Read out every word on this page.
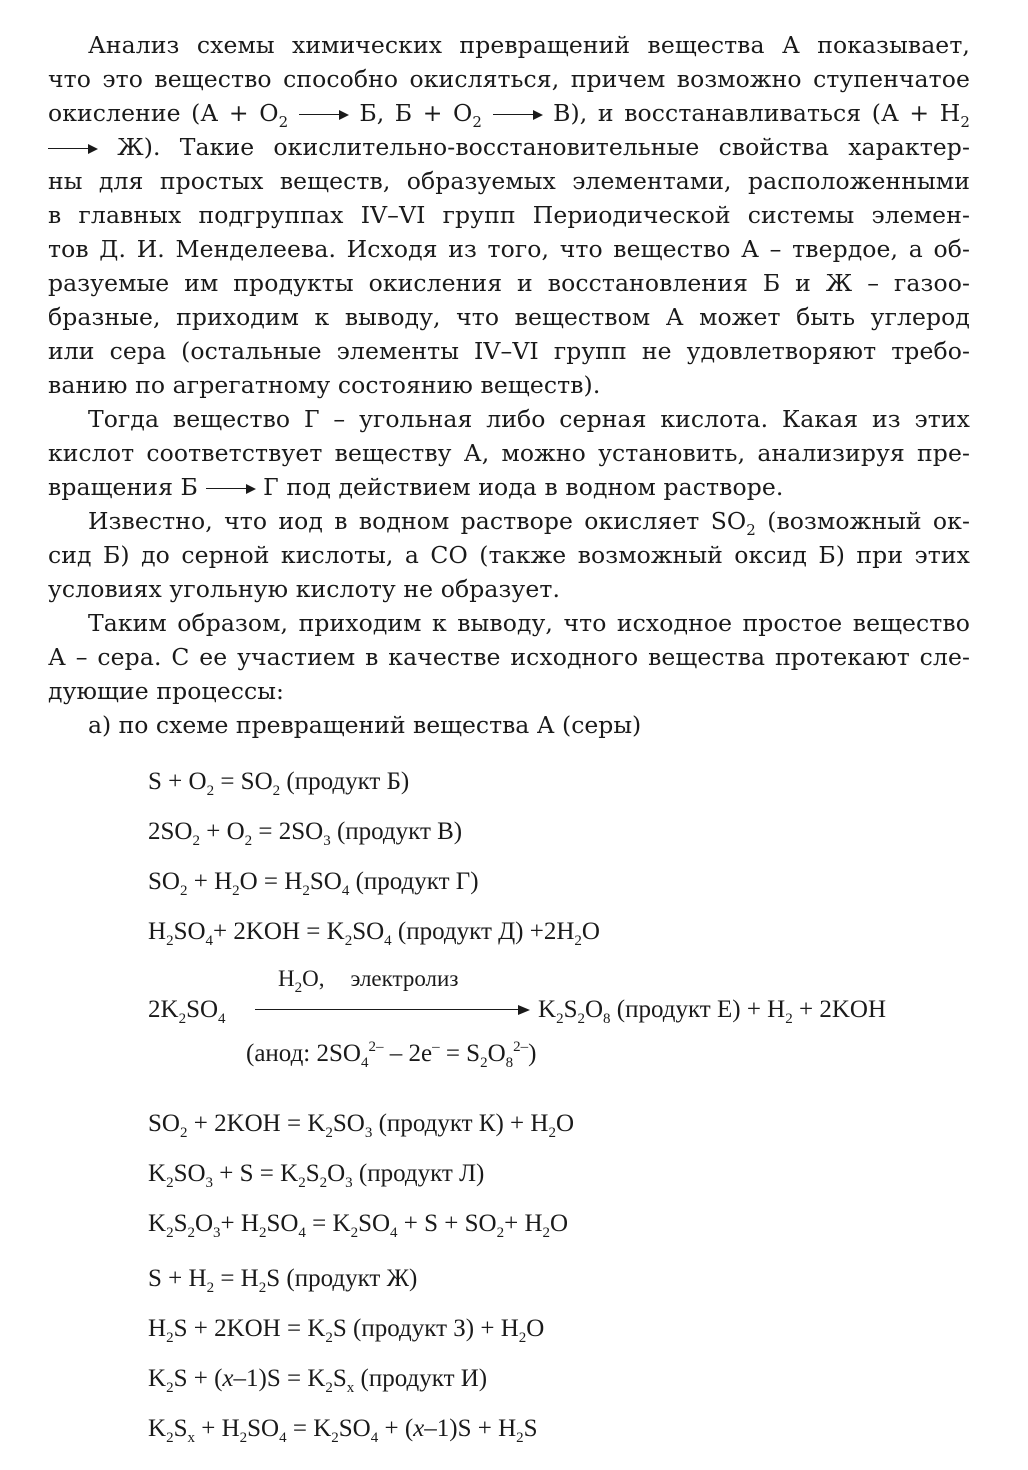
Анализ схемы химических превращений вещества А показывает,
что это вещество способно окисляться, причем возможно ступенчатое
окисление ($А + O_2$	Б, $Б + O_2$	В), и восстанавливаться ($А + H_2$
Ж). Такие окислительно-восстановительные свойства характер-
ны для простых веществ, образуемых элементами, расположенными
в главных подгруппах IV–VI групп Периодической системы элемен-
тов Д. И. Менделеева. Исходя из того, что вещество А – твердое, а об-
разуемые им продукты окисления и восстановления Б и Ж – газоо-
бразные, приходим к выводу, что веществом А может быть углерод
или сера (остальные элементы IV–VI групп не удовлетворяют требо-
ванию по агрегатному состоянию веществ).

Тогда вещество Г – угольная либо серная кислота. Какая из этих
кислот соответствует веществу А, можно установить, анализируя пре-
вращения Б	Г под действием иода в водном растворе.

Известно, что иод в водном растворе окисляет $SO_2$ (возможный ок-
сид Б) до серной кислоты, а СО (также возможный оксид Б) при этих
условиях угольную кислоту не образует.

Таким образом, приходим к выводу, что исходное простое вещество
А – сера. С ее участием в качестве исходного вещества протекают сле-
дующие процессы:

а) по схеме превращений вещества А (серы)

$S + O_2 = SO_2$ (продукт Б)
$2SO_2 + O_2 = 2SO_3$ (продукт В)
$SO_2 + H_2O = H_2SO_4$ (продукт Г)
$H_2SO_4+ 2KOH = K_2SO_4$ (продукт $Д) +2H_2O$
$2K_2SO_4$
$H_2O$, электролиз
$K_2S_2O_8$ (продукт $Е) + H_2 + 2KOH$
(анод: $2SO_4^{2-} - 2e^- = S_2O_8^{2-}$)
$SO_2 + 2KOH = K_2SO_3$ (продукт $К) + H_2O$
$K_2SO_3 + S = K_2S_2O_3$ (продукт Л)
$K_2S_2O_3+ H_2SO_4 = K_2SO_4 + S + SO_2+ H_2O$
$S + H_2 = H_2S$ (продукт Ж)
$H_2S + 2KOH = K_2S$ (продукт $З) + H_2O$
$K_2S + (x-1)S = K_2S_x$ (продукт И)
$K_2S_x + H_2SO_4 = K_2SO_4 + (x-1)S + H_2S$
